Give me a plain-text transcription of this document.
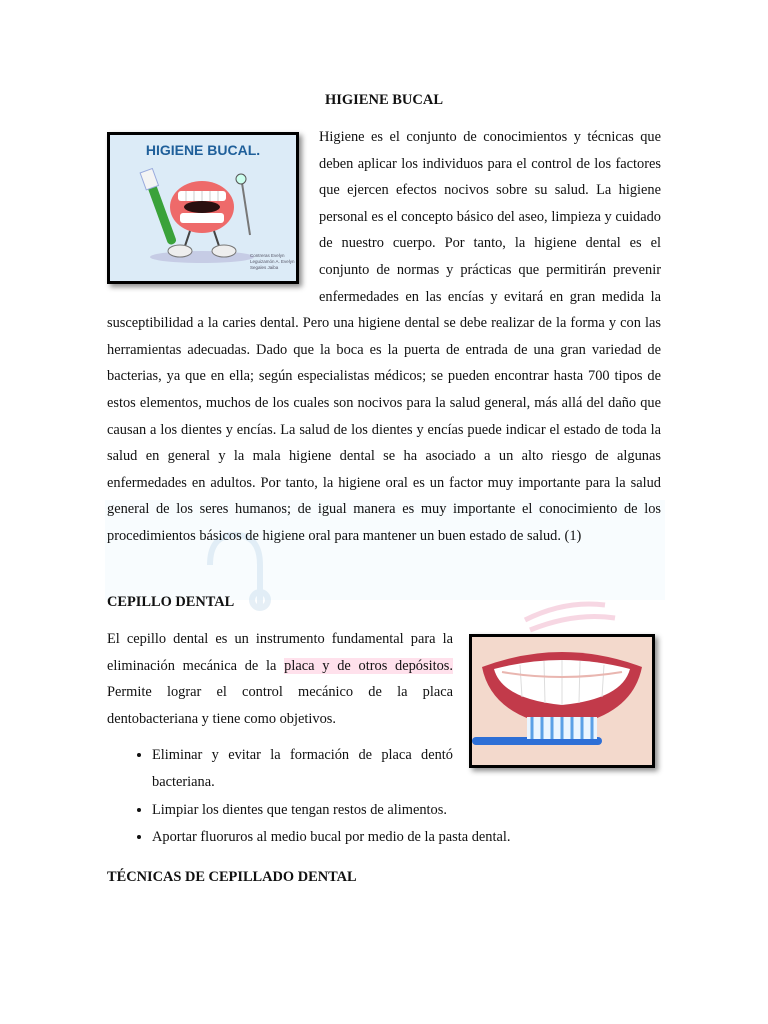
HIGIENE BUCAL
HIGIENE BUCAL.
Contreras Evelyn
Leguizamón A. Evelyn
Segales Jaiba

Higiene es el conjunto de conocimientos y técnicas que deben aplicar los individuos para el control de los factores que ejercen efectos nocivos sobre su salud. La higiene personal es el concepto básico del aseo, limpieza y cuidado de nuestro cuerpo. Por tanto, la higiene dental es el conjunto de normas y prácticas que permitirán prevenir enfermedades en las encías y evitará en gran medida la susceptibilidad a la caries dental. Pero una higiene dental se debe realizar de la forma y con las herramientas adecuadas. Dado que la boca es la puerta de entrada de una gran variedad de bacterias, ya que en ella; según especialistas médicos; se pueden encontrar hasta 700 tipos de estos elementos, muchos de los cuales son nocivos para la salud general, más allá del daño que causan a los dientes y encías. La salud de los dientes y encías puede indicar el estado de toda la salud en general y la mala higiene dental se ha asociado a un alto riesgo de algunas enfermedades en adultos. Por tanto, la higiene oral es un factor muy importante para la salud general de los seres humanos; de igual manera es muy importante el conocimiento de los procedimientos básicos de higiene oral para mantener un buen estado de salud. (1)

CEPILLO DENTAL

El cepillo dental es un instrumento fundamental para la eliminación mecánica de la placa y de otros depósitos. Permite lograr el control mecánico de la placa dentobacteriana y tiene como objetivos.

• Eliminar y evitar la formación de placa dentó bacteriana.
• Limpiar los dientes que tengan restos de alimentos.
• Aportar fluoruros al medio bucal por medio de la pasta dental.
TÉCNICAS DE CEPILLADO DENTAL
